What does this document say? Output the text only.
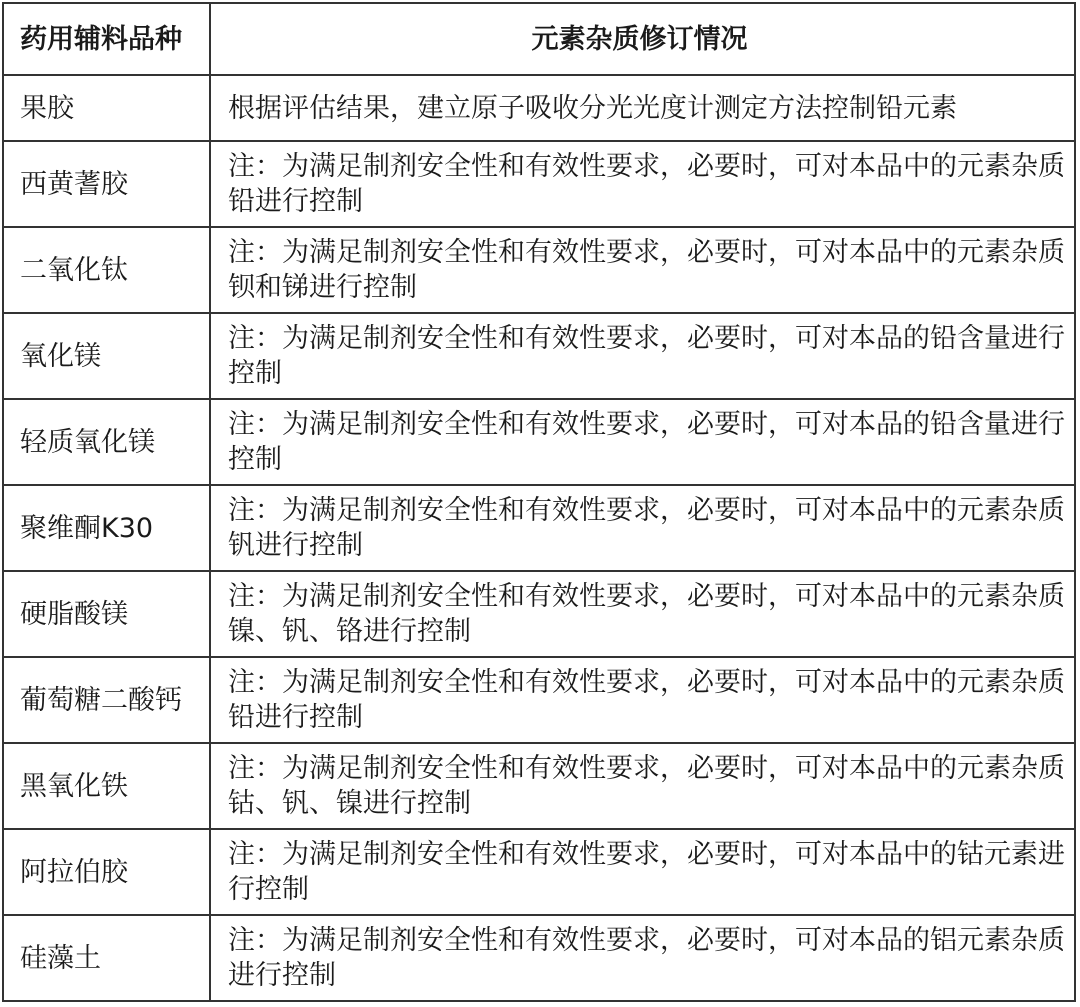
药用辅料品种	元素杂质修订情况
果胶	根据评估结果，建立原子吸收分光光度计测定方法控制铅元素
西黄蓍胶
注：为满足制剂安全性和有效性要求，必要时，可对本品中的元素杂质铅进行控制
二氧化钛
注：为满足制剂安全性和有效性要求，必要时，可对本品中的元素杂质钡和锑进行控制
氧化镁
注：为满足制剂安全性和有效性要求，必要时，可对本品的铅含量进行控制
轻质氧化镁
注：为满足制剂安全性和有效性要求，必要时，可对本品的铅含量进行控制
聚维酮K30
注：为满足制剂安全性和有效性要求，必要时，可对本品中的元素杂质钒进行控制
硬脂酸镁
注：为满足制剂安全性和有效性要求，必要时，可对本品中的元素杂质镍、钒、铬进行控制
葡萄糖二酸钙
注：为满足制剂安全性和有效性要求，必要时，可对本品中的元素杂质铅进行控制
黑氧化铁
注：为满足制剂安全性和有效性要求，必要时，可对本品中的元素杂质钴、钒、镍进行控制
阿拉伯胶
注：为满足制剂安全性和有效性要求，必要时，可对本品中的钴元素进行控制
硅藻土
注：为满足制剂安全性和有效性要求，必要时，可对本品的铝元素杂质进行控制
